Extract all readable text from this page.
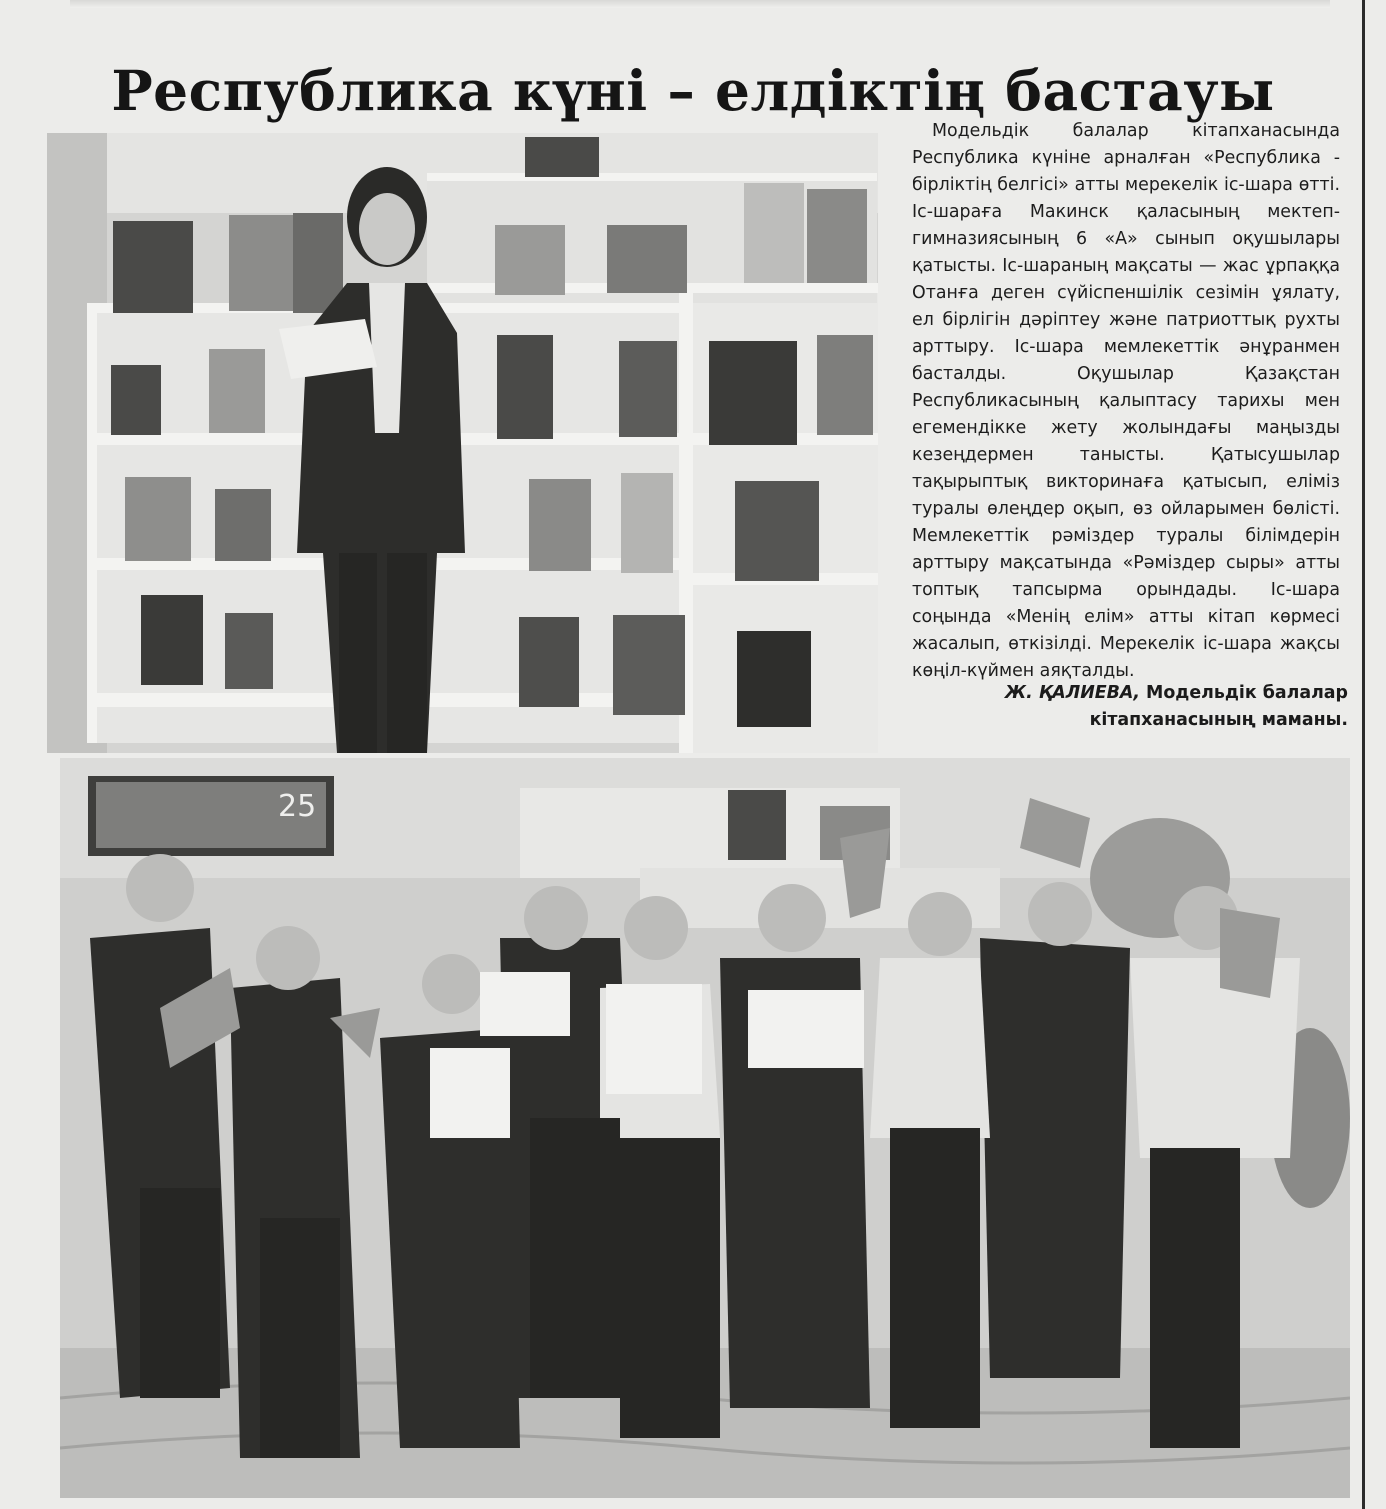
Республика күні – елдіктің бастауы

Модельдік балалар кітапханасында Республика күніне арналған «Республика - бірліктің белгісі» атты мерекелік іс-шара өтті. Іс-шараға Макинск қаласының мектеп-гимназиясының 6 «А» сынып оқушылары қатысты. Іс-шараның мақсаты — жас ұрпаққа Отанға деген сүйіспеншілік сезімін ұялату, ел бірлігін дәріптеу және патриоттық рухты арттыру. Іс-шара мемлекеттік әнұранмен басталды. Оқушылар Қазақстан Республикасының қалыптасу тарихы мен егемендікке жету жолындағы маңызды кезеңдермен танысты. Қатысушылар тақырыптық викторинаға қатысып, еліміз туралы өлеңдер оқып, өз ойларымен бөлісті. Мемлекеттік рәміздер туралы білімдерін арттыру мақсатында «Рәміздер сыры» атты топтық тапсырма орындады. Іс-шара соңында «Менің елім» атты кітап көрмесі жасалып, өткізілді. Мерекелік іс-шара жақсы көңіл-күймен аяқталды.

Ж. ҚАЛИЕВА, Модельдік балалар
кітапханасының маманы.
25
